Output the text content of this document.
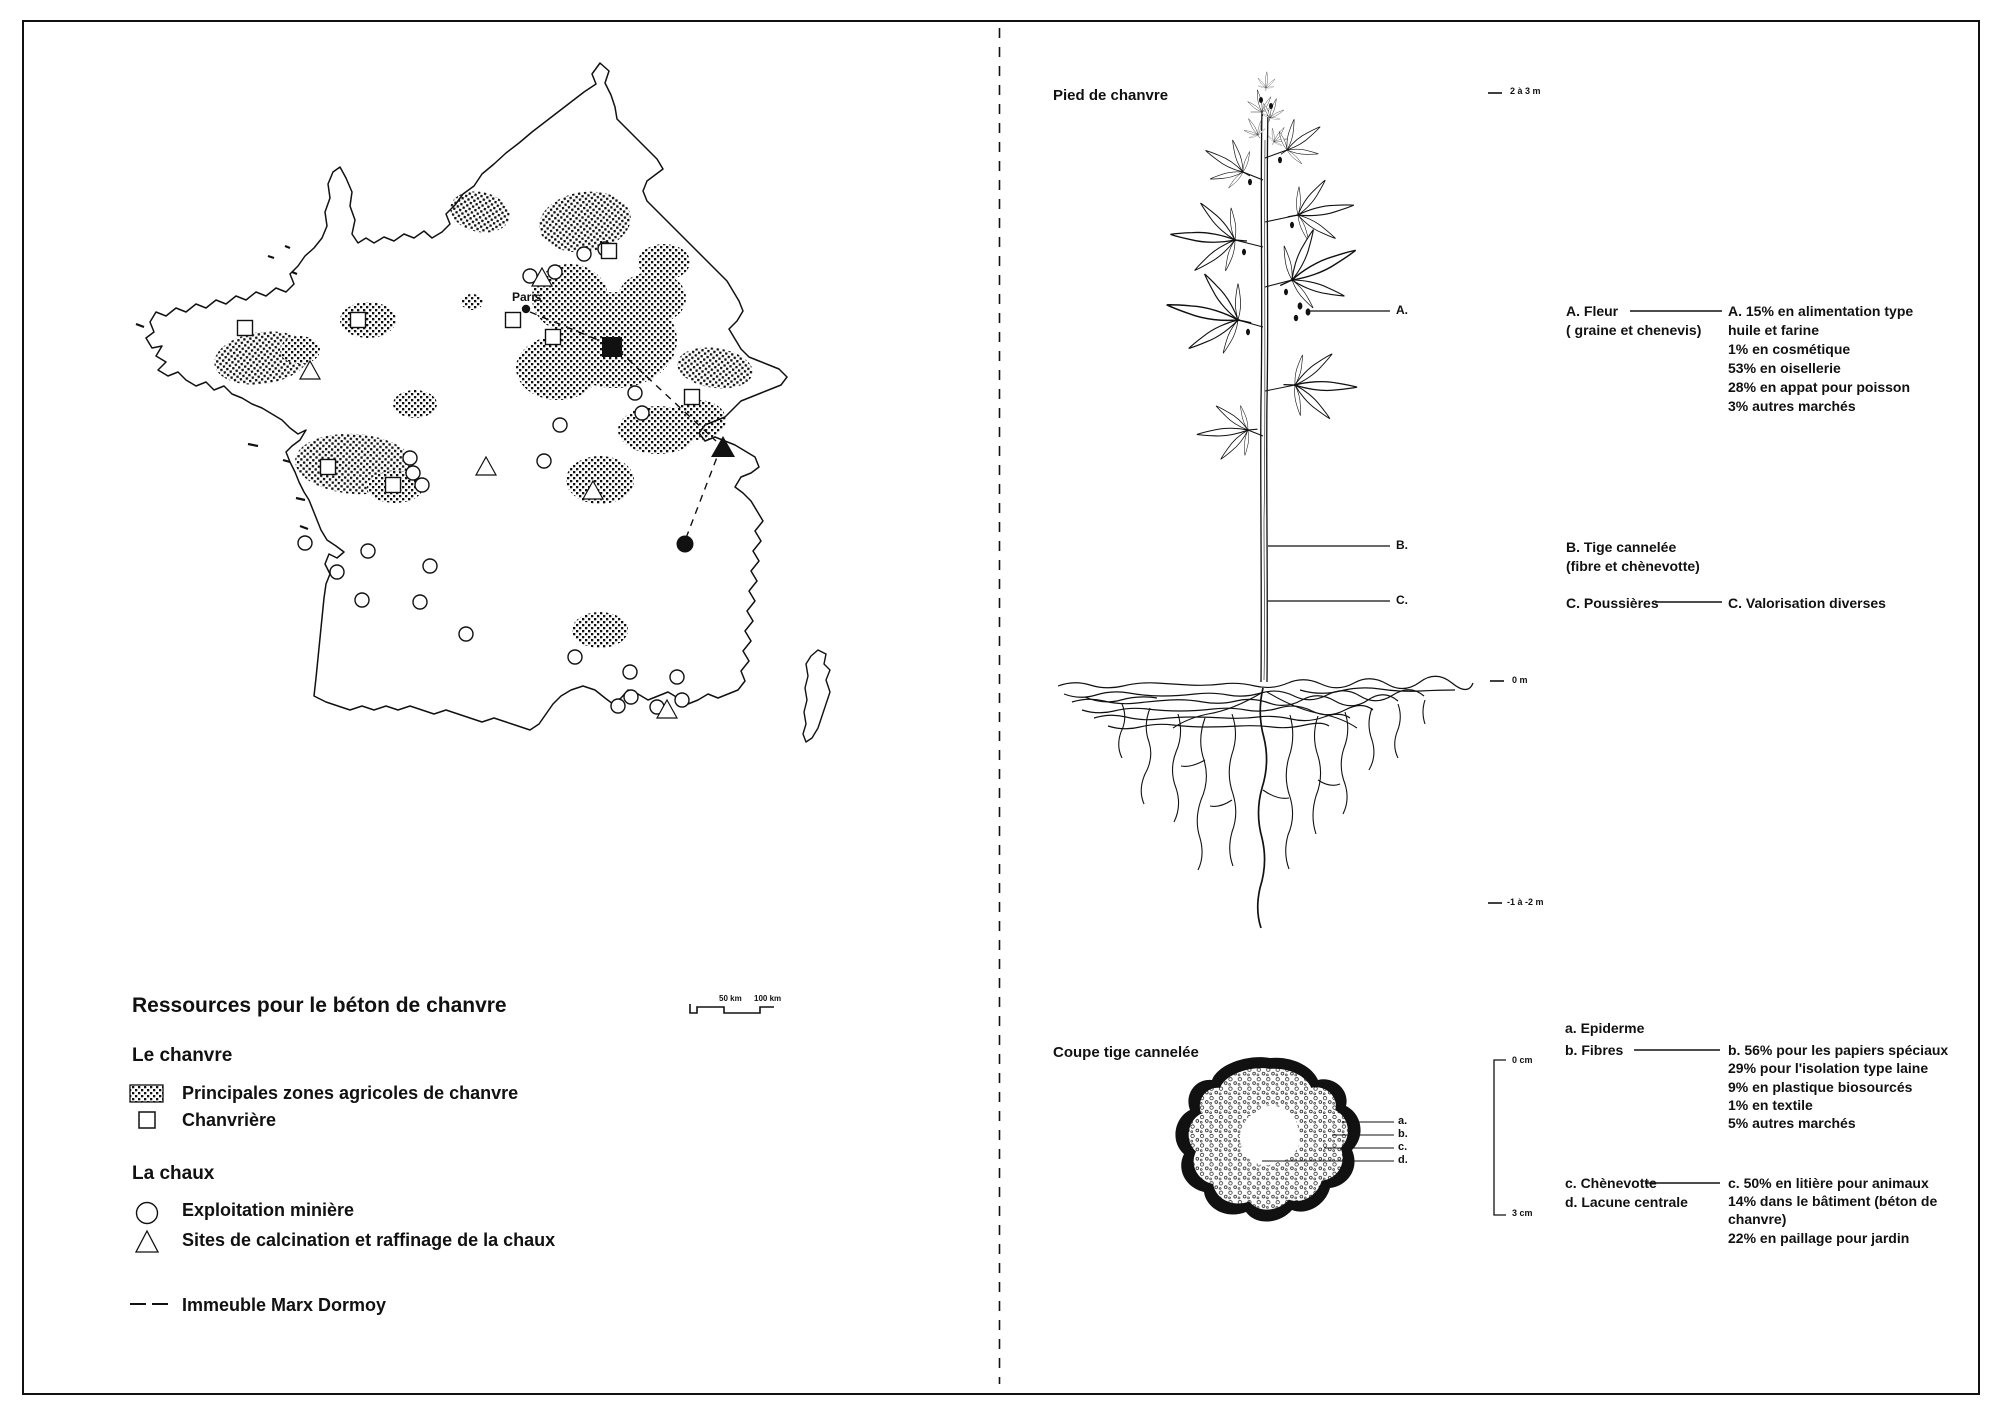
Ressources pour le béton de chanvre
Le chanvre
Principales zones agricoles de chanvre
Chanvrière
La chaux
Exploitation minière
Sites de calcination et raffinage de la chaux
Immeuble Marx Dormoy
Paris
50 km 100 km
Pied de chanvre	2 à 3 m
0 m
-1 à -2 m
A.
B.
C.
A. Fleur
( graine et chenevis)
A. 15% en alimentation type
huile et farine
1% en cosmétique
53% en oisellerie
28% en appat pour poisson
3% autres marchés
B. Tige cannelée
(fibre et chènevotte)
C. Poussières	C. Valorisation diverses
Coupe tige cannelée
a.
b.
c.
d.
0 cm
3 cm
a. Epiderme
b. Fibres	b. 56% pour les papiers spéciaux
29% pour l'isolation type laine
9% en plastique biosourcés
1% en textile
5% autres marchés
c. Chènevotte
d. Lacune centrale
c. 50% en litière pour animaux
14% dans le bâtiment (béton de
chanvre)
22% en paillage pour jardin
